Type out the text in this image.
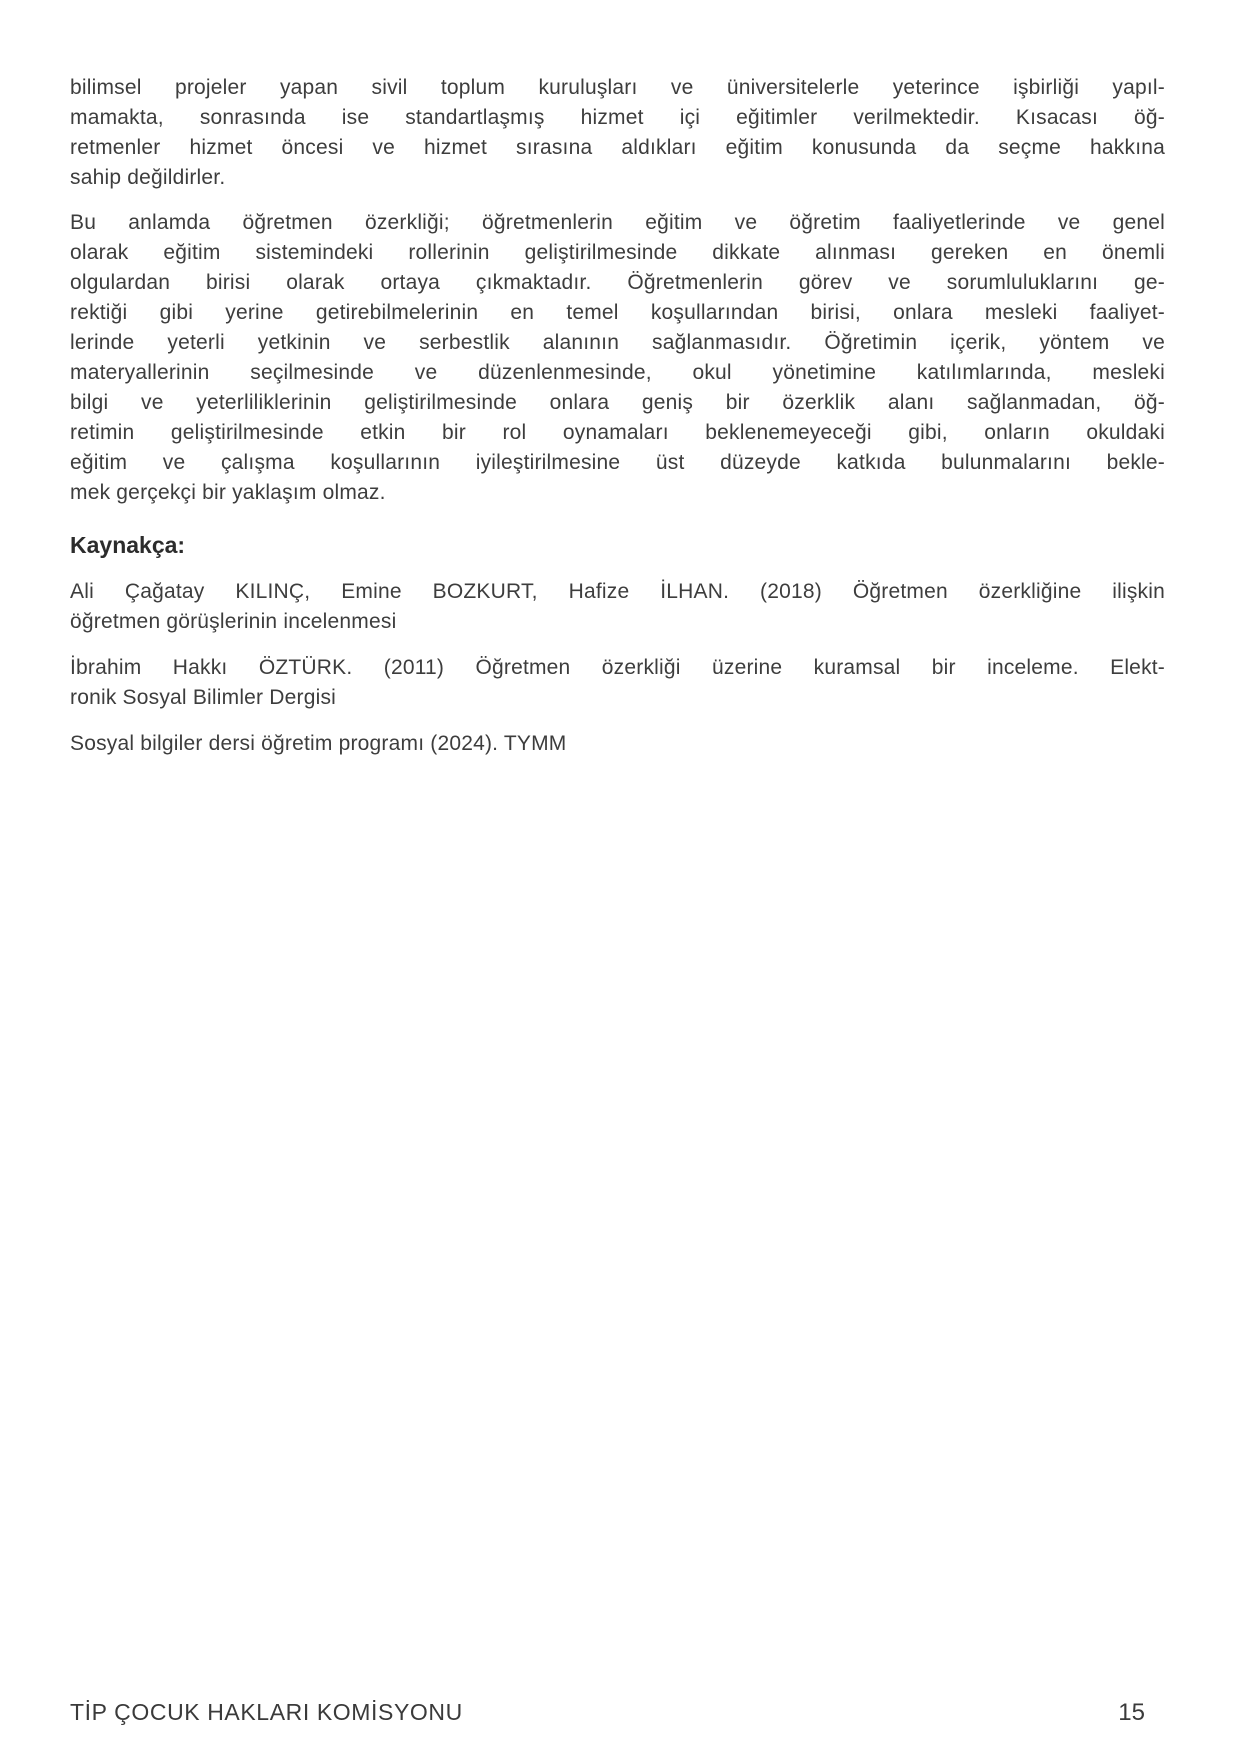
bilimsel projeler yapan sivil toplum kuruluşları ve üniversitelerle yeterince işbirliği yapıl-
mamakta, sonrasında ise standartlaşmış hizmet içi eğitimler verilmektedir. Kısacası öğ-
retmenler hizmet öncesi ve hizmet sırasına aldıkları eğitim konusunda da seçme hakkına
sahip değildirler.
Bu anlamda öğretmen özerkliği; öğretmenlerin eğitim ve öğretim faaliyetlerinde ve genel
olarak eğitim sistemindeki rollerinin geliştirilmesinde dikkate alınması gereken en önemli
olgulardan birisi olarak ortaya çıkmaktadır. Öğretmenlerin görev ve sorumluluklarını ge-
rektiği gibi yerine getirebilmelerinin en temel koşullarından birisi, onlara mesleki faaliyet-
lerinde yeterli yetkinin ve serbestlik alanının sağlanmasıdır. Öğretimin içerik, yöntem ve
materyallerinin seçilmesinde ve düzenlenmesinde, okul yönetimine katılımlarında, mesleki
bilgi ve yeterliliklerinin geliştirilmesinde onlara geniş bir özerklik alanı sağlanmadan, öğ-
retimin geliştirilmesinde etkin bir rol oynamaları beklenemeyeceği gibi, onların okuldaki
eğitim ve çalışma koşullarının iyileştirilmesine üst düzeyde katkıda bulunmalarını bekle-
mek gerçekçi bir yaklaşım olmaz.
Kaynakça:
Ali Çağatay KILINÇ, Emine BOZKURT, Hafize İLHAN. (2018) Öğretmen özerkliğine ilişkin
öğretmen görüşlerinin incelenmesi
İbrahim Hakkı ÖZTÜRK. (2011) Öğretmen özerkliği üzerine kuramsal bir inceleme. Elekt-
ronik Sosyal Bilimler Dergisi
Sosyal bilgiler dersi öğretim programı (2024). TYMM
TİP ÇOCUK HAKLARI KOMİSYONU	15
